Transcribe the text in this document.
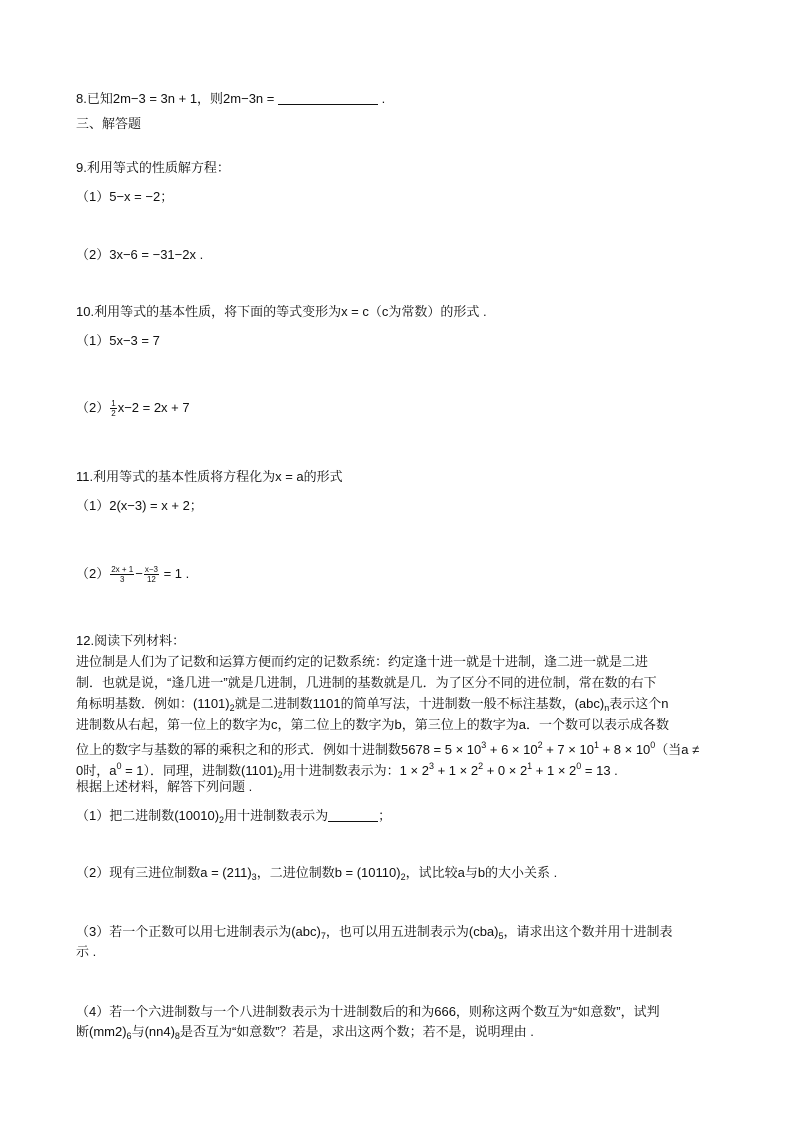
8.已知2m−3 = 3n + 1，则2m−3n =	.
三、解答题
9.利用等式的性质解方程：
（1）5−x = −2；
（2）3x−6 = −31−2x .
10.利用等式的基本性质，将下面的等式变形为x = c（c为常数）的形式 .
（1）5x−3 = 7
$(2) \frac{1}{2} x-2 = 2x + 7$
11.利用等式的基本性质将方程化为x = a的形式
（1）2(x−3) = x + 2；
$(2) \frac{2x + 1}{3} - \frac{x-3}{12} = 1$ .
12.阅读下列材料：
进位制是人们为了记数和运算方便而约定的记数系统：约定逢十进一就是十进制，逢二进一就是二进
制．也就是说，“逢几进一”就是几进制，几进制的基数就是几．为了区分不同的进位制，常在数的右下
角标明基数．例如：$(1101)_2$就是二进制数1101的简单写法，十进制数一般不标注基数，$(abc)_n$表示这个n
进制数从右起，第一位上的数字为c，第二位上的数字为b，第三位上的数字为a．一个数可以表示成各数
位上的数字与基数的幂的乘积之和的形式．例如十进制数$5678 = 5 \times 10^3 + 6 \times 10^2 + 7 \times 10^1 + 8 \times 10^0$（当a ≠
0时，$a^0 = 1$）．同理，进制数$(1101)_2$用十进制数表示为：$1 \times 2^3 + 1 \times 2^2 + 0 \times 2^1 + 1 \times 2^0 = 13$ .
根据上述材料，解答下列问题 .
（1）把二进制数$(10010)_2$用十进制数表示为	；
（2）现有三进位制数$a = (211)_3$，二进位制数$b = (10110)_2$，试比较a与b的大小关系 .
（3）若一个正数可以用七进制表示为$(abc)_7$，也可以用五进制表示为$(cba)_5$，请求出这个数并用十进制表
示 .
（4）若一个六进制数与一个八进制数表示为十进制数后的和为666，则称这两个数互为“如意数”，试判
断$(mm2)_6$与$(nn4)_8$是否互为“如意数”？若是，求出这两个数；若不是，说明理由 .
